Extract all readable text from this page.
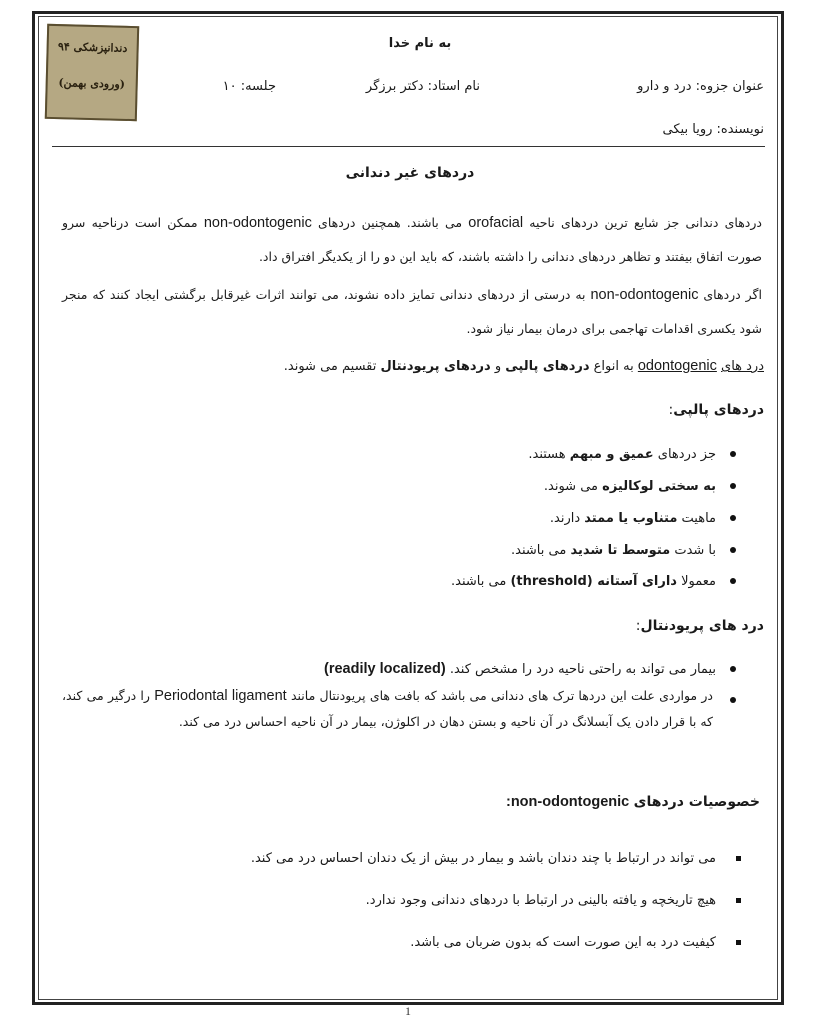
دندانپزشکی ۹۴
(ورودی بهمن)
به نام خدا
عنوان جزوه: درد و دارو
نام استاد: دکتر برزگر
جلسه: ۱۰
نویسنده: رویا بیکی
دردهای غیر دندانی
دردهای دندانی جز شایع ترین دردهای ناحیه orofacial می باشند. همچنین دردهای non-odontogenic ممکن است درناحیه سرو صورت اتفاق بیفتند و تظاهر دردهای دندانی را داشته باشند، که باید این دو را از یکدیگر افتراق داد.
اگر دردهای non-odontogenic به درستی از دردهای دندانی تمایز داده نشوند، می توانند اثرات غیرقابل برگشتی ایجاد کنند که منجر شود یکسری اقدامات تهاجمی برای درمان بیمار نیاز شود.
درد های odontogenic به انواع دردهای پالپی و دردهای پریودنتال تقسیم می شوند.
دردهای پالپی:
جز دردهای عمیق و مبهم هستند.
به سختی لوکالیزه می شوند.
ماهیت متناوب یا ممتد دارند.
با شدت متوسط تا شدید می باشند.
معمولا دارای آستانه (threshold) می باشند.
درد های پریودنتال:
بیمار می تواند به راحتی ناحیه درد را مشخص کند. (readily localized)
در مواردی علت این دردها ترک های دندانی می باشد که بافت های پریودنتال مانند Periodontal ligament را درگیر می کند، که با قرار دادن یک آبسلانگ در آن ناحیه و بستن دهان در اکلوژن، بیمار در آن ناحیه احساس درد می کند.
خصوصیات دردهای non-odontogenic:
می تواند در ارتباط با چند دندان باشد و بیمار در بیش از یک دندان احساس درد می کند.
هیچ تاریخچه و یافته بالینی در ارتباط با دردهای دندانی وجود ندارد.
کیفیت درد به این صورت است که بدون ضربان می باشد.
1
